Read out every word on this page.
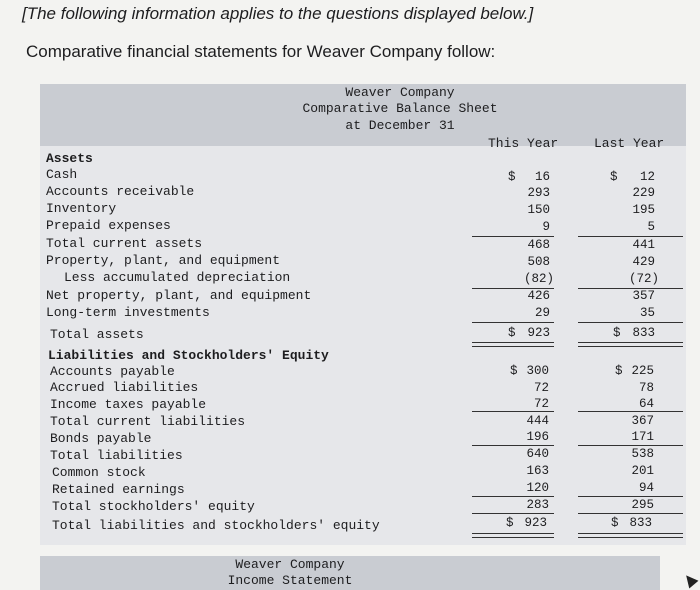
[The following information applies to the questions displayed below.]
Comparative financial statements for Weaver Company follow:
Weaver Company
Comparative Balance Sheet
at December 31
This Year	Last Year
Assets
Cash	$	16	$	12
Accounts receivable	293	229
Inventory	150	195
Prepaid expenses	9	5
Total current assets	468	441
Property, plant, and equipment	508	429
Less accumulated depreciation	(82)	(72)
Net property, plant, and equipment	426	357
Long-term investments	29	35
Total assets	$ 923	$ 833
Liabilities and Stockholders' Equity
Accounts payable	$ 300	$ 225
Accrued liabilities	72	78
Income taxes payable	72	64
Total current liabilities	444	367
Bonds payable	196	171
Total liabilities	640	538
Common stock	163	201
Retained earnings	120	94
Total stockholders' equity	283	295
Total liabilities and stockholders' equity	$ 923	$ 833
Weaver Company
Income Statement
